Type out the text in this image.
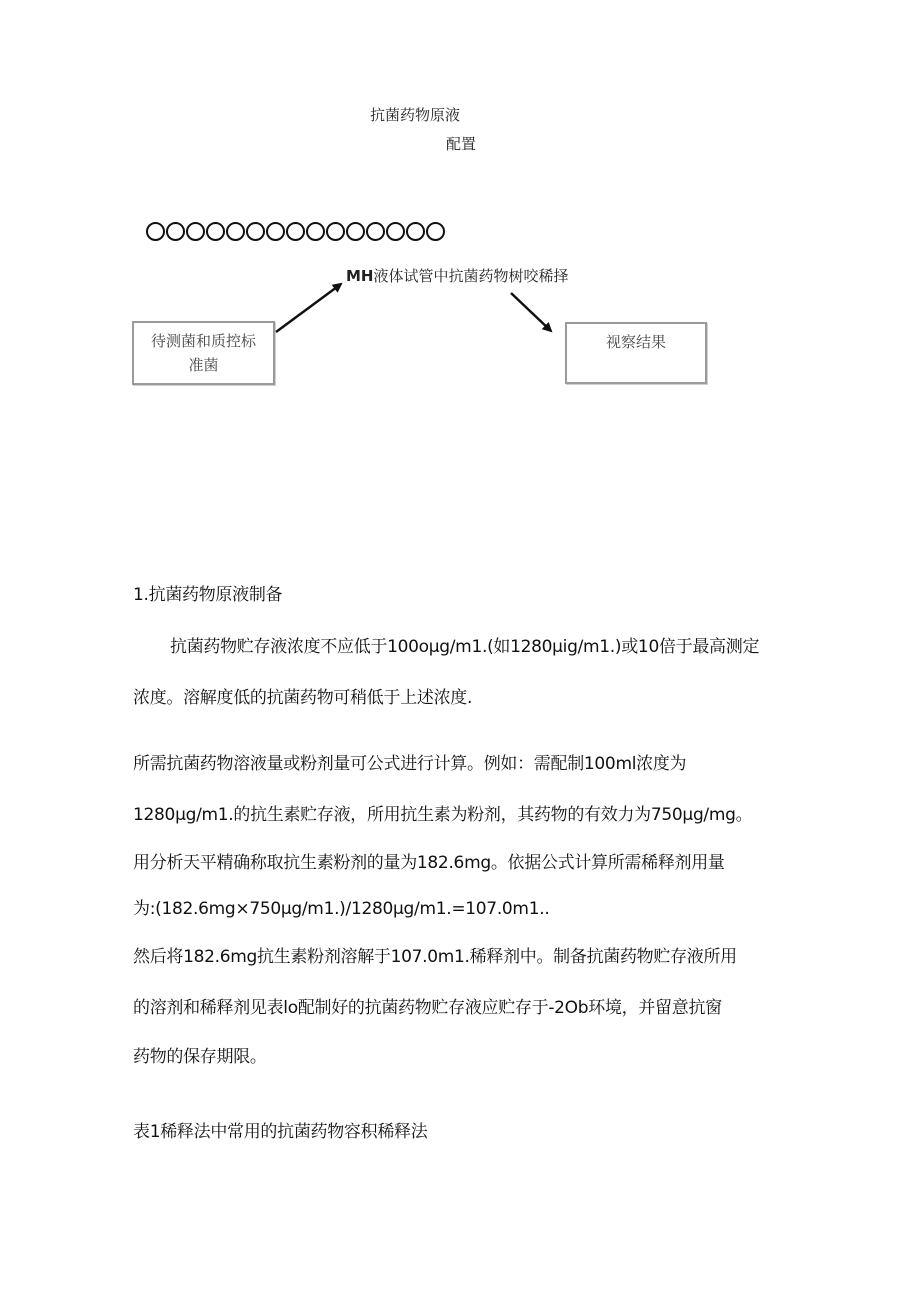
抗菌药物原液
配置
MH液体试管中抗菌药物树咬稀择
待测菌和质控标
准菌
视察结果
1.抗菌药物原液制备
抗菌药物贮存液浓度不应低于100oμg∕m1.(如1280μig∕m1.)或10倍于最高测定
浓度。溶解度低的抗菌药物可稍低于上述浓度.
所需抗菌药物溶液量或粉剂量可公式进行计算。例如：需配制100ml浓度为
1280μg∕m1.的抗生素贮存液，所用抗生素为粉剂，其药物的有效力为750μg∕mg。
用分析天平精确称取抗生素粉剂的量为182.6mg。依据公式计算所需稀释剂用量
为:(182.6mg×750μg∕m1.)∕1280μg∕m1.=107.0m1..
然后将182.6mg抗生素粉剂溶解于107.0m1.稀释剂中。制备抗菌药物贮存液所用
的溶剂和稀释剂见表lo配制好的抗菌药物贮存液应贮存于-2Ob环境，并留意抗窗
药物的保存期限。
表1稀释法中常用的抗菌药物容积稀释法
